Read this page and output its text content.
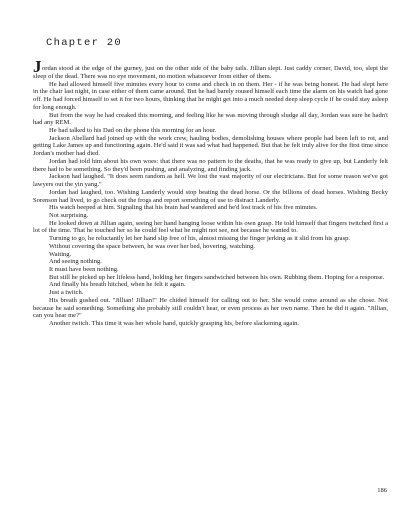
Chapter 20

Jordan stood at the edge of the gurney, just on the other side of the baby tails. Jillian slept. Just caddy corner, David, too, slept the sleep of the dead. There was no eye movement, no motion whatsoever from either of them.

He had allowed himself five minutes every hour to come and check in on them. Her - if he was being honest. He had slept here in the chair last night, in case either of them came around. But he had barely roused himself each time the alarm on his watch had gone off. He had forced himself to set it for two hours, thinking that he might get into a much needed deep sleep cycle if he could stay asleep for long enough.

But from the way he had creaked this morning, and feeling like he was moving through sludge all day, Jordan was sure he hadn't had any REM.

He had talked to his Dad on the phone this morning for an hour.

Jackson Abellard had joined up with the work crew, hauling bodies, demolishing houses where people had been left to rot, and getting Lake James up and functioning again. He'd said it was sad what had happened. But that he felt truly alive for the first time since Jordan's mother had died.

Jordan had told him about his own woes: that there was no pattern to the deaths, that he was ready to give up, but Landerly felt there had to be something. So they'd been pushing, and analyzing, and finding jack.

Jackson had laughed. "It does seem random as hell. We lost the vast majority of our electricians. But for some reason we've got lawyers out the yin yang."

Jordan had laughed, too. Wishing Landerly would stop beating the dead horse. Or the billions of dead horses. Wishing Becky Sorenson had lived, to go check out the frogs and report something of use to distract Landerly.

His watch beeped at him. Signaling that his brain had wandered and he'd lost track of his five minutes.

Not surprising.

He looked down at Jillian again, seeing her hand hanging loose within his own grasp. He told himself that fingers twitched first a lot of the time. That he touched her so he could feel what he might not see, not because he wanted to.

Turning to go, he reluctantly let her hand slip free of his, almost missing the finger jerking as it slid from his grasp.

Without covering the space between, he was over her bed, hovering, watching.

Waiting.

And seeing nothing.

It must have been nothing.

But still he picked up her lifeless hand, holding her fingers sandwiched between his own. Rubbing them. Hoping for a response.

And finally his breath hitched, when he felt it again.

Just a twitch.

His breath gushed out. "Jillian! Jillian!" He chided himself for calling out to her. She would come around as she chose. Not because he said something. Something she probably still couldn't hear, or even process as her own name. Then he did it again. "Jillian, can you hear me?"

Another twitch. This time it was her whole hand, quickly grasping his, before slackening again.

186
